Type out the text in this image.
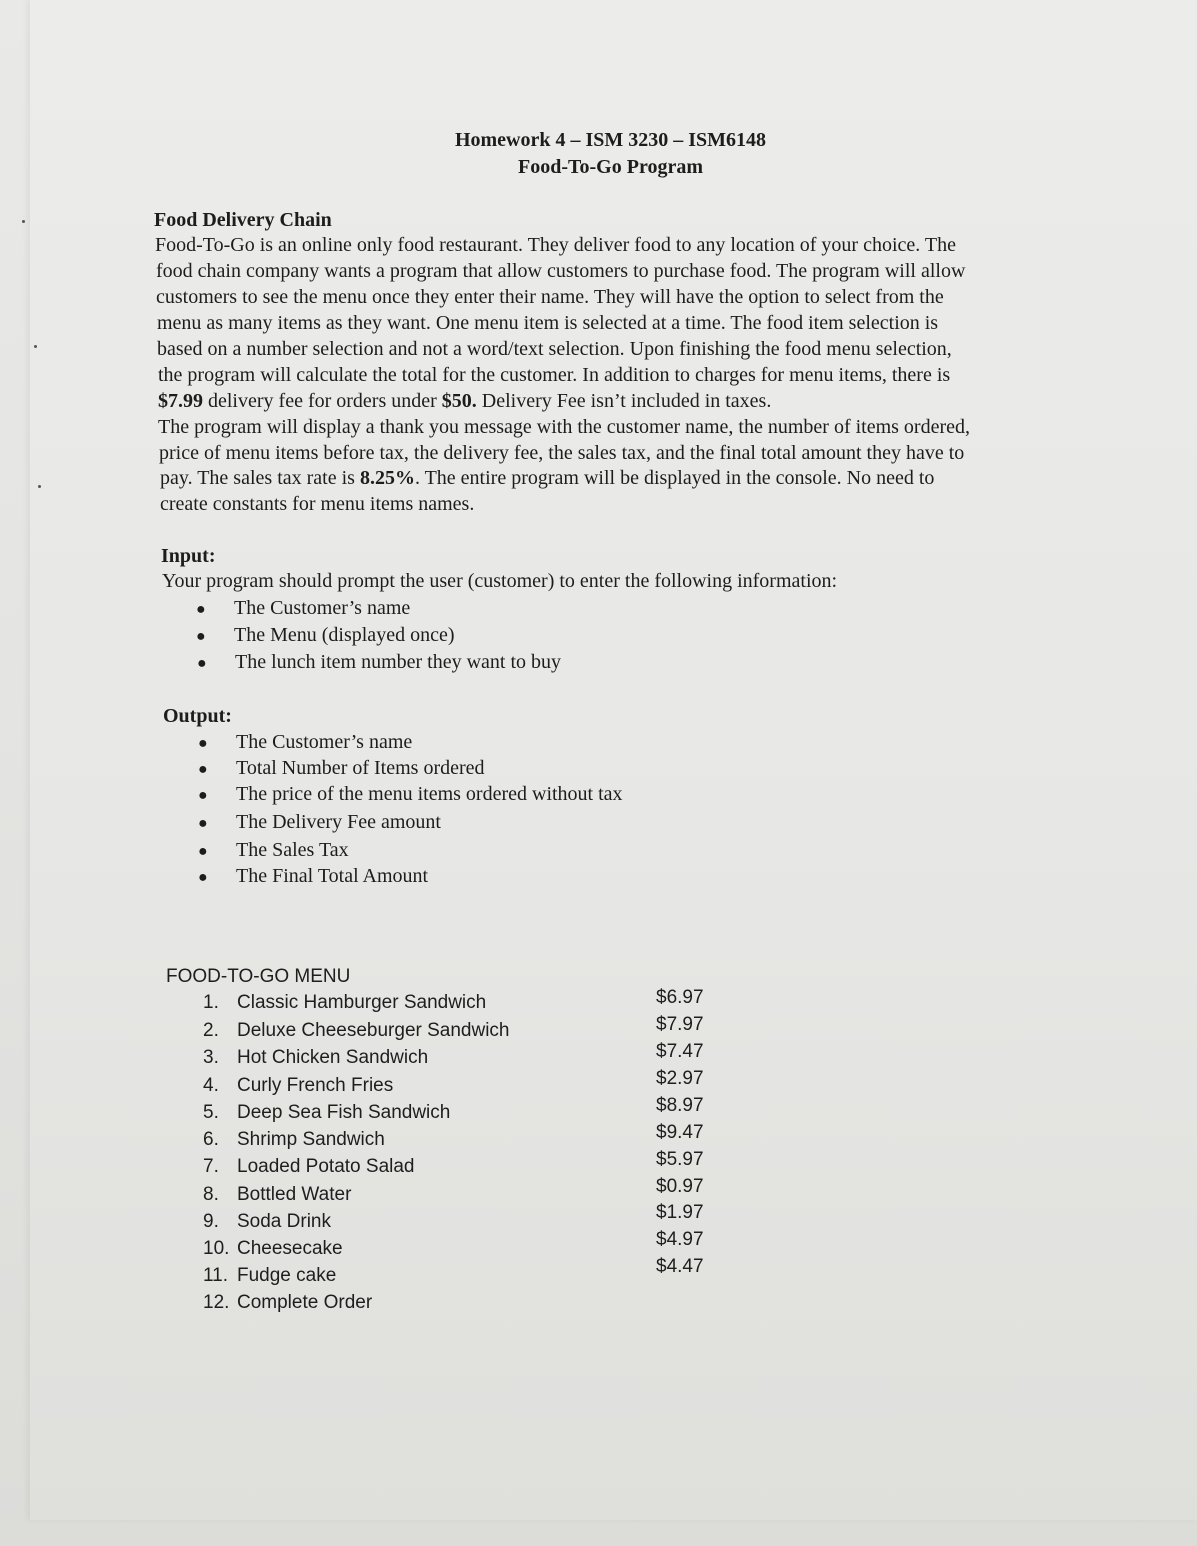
Homework 4 – ISM 3230 – ISM6148
Food-To-Go Program
Food Delivery Chain
Food-To-Go is an online only food restaurant. They deliver food to any location of your choice. The
food chain company wants a program that allow customers to purchase food. The program will allow
customers to see the menu once they enter their name. They will have the option to select from the
menu as many items as they want. One menu item is selected at a time. The food item selection is
based on a number selection and not a word/text selection. Upon finishing the food menu selection,
the program will calculate the total for the customer. In addition to charges for menu items, there is
$7.99 delivery fee for orders under $50. Delivery Fee isn’t included in taxes.
The program will display a thank you message with the customer name, the number of items ordered,
price of menu items before tax, the delivery fee, the sales tax, and the final total amount they have to
pay. The sales tax rate is 8.25%. The entire program will be displayed in the console. No need to
create constants for menu items names.
Input:
Your program should prompt the user (customer) to enter the following information:
● The Customer’s name
● The Menu (displayed once)
● The lunch item number they want to buy
Output:
● The Customer’s name
● Total Number of Items ordered
● The price of the menu items ordered without tax
● The Delivery Fee amount
● The Sales Tax
● The Final Total Amount
FOOD-TO-GO MENU
1. Classic Hamburger Sandwich
2. Deluxe Cheeseburger Sandwich
3. Hot Chicken Sandwich
4. Curly French Fries
5. Deep Sea Fish Sandwich
6. Shrimp Sandwich
7. Loaded Potato Salad
8. Bottled Water
9. Soda Drink
10. Cheesecake
11. Fudge cake
12. Complete Order
$6.97
$7.97
$7.47
$2.97
$8.97
$9.47
$5.97
$0.97
$1.97
$4.97
$4.47
